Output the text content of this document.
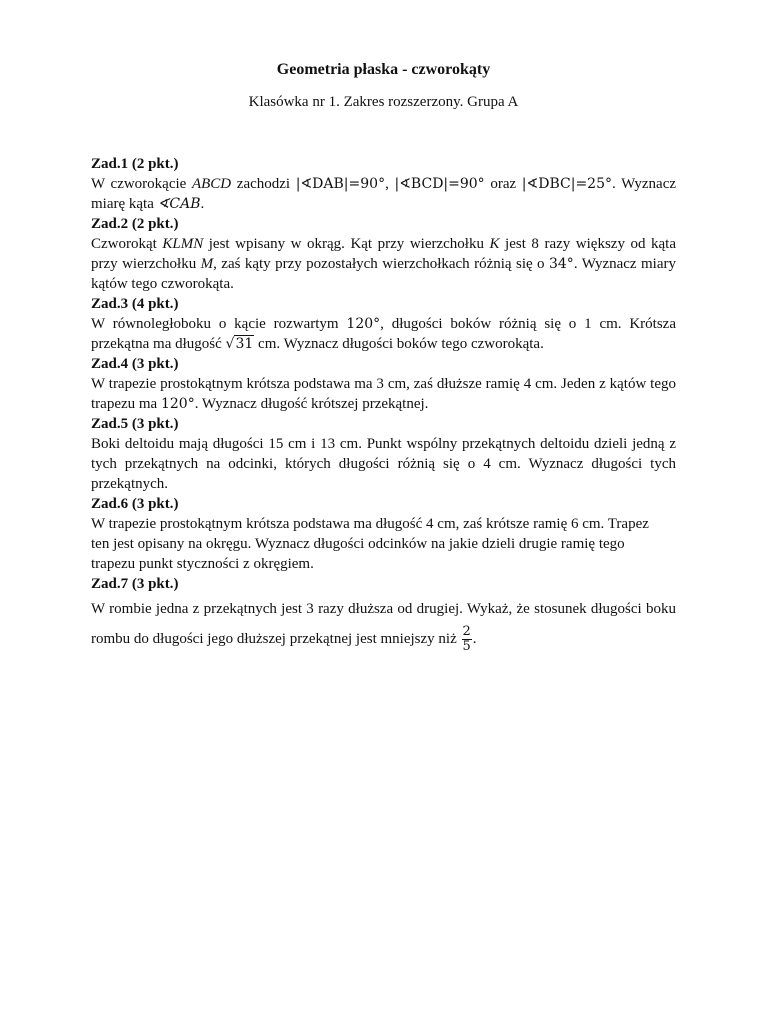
Geometria płaska - czworokąty
Klasówka nr 1. Zakres rozszerzony. Grupa A
Zad.1 (2 pkt.)
W czworokącie ABCD zachodzi |∢DAB|=90°, |∢BCD|=90° oraz |∢DBC|=25°. Wyznacz miarę kąta ∢CAB.
Zad.2 (2 pkt.)
Czworokąt KLMN jest wpisany w okrąg. Kąt przy wierzchołku K jest 8 razy większy od kąta przy wierzchołku M, zaś kąty przy pozostałych wierzchołkach różnią się o 34°. Wyznacz miary kątów tego czworokąta.
Zad.3 (4 pkt.)
W równoległoboku o kącie rozwartym 120°, długości boków różnią się o 1 cm. Krótsza przekątna ma długość √31 cm. Wyznacz długości boków tego czworokąta.
Zad.4 (3 pkt.)
W trapezie prostokątnym krótsza podstawa ma 3 cm, zaś dłuższe ramię 4 cm. Jeden z kątów tego trapezu ma 120°. Wyznacz długość krótszej przekątnej.
Zad.5 (3 pkt.)
Boki deltoidu mają długości 15 cm i 13 cm. Punkt wspólny przekątnych deltoidu dzieli jedną z tych przekątnych na odcinki, których długości różnią się o 4 cm. Wyznacz długości tych przekątnych.
Zad.6 (3 pkt.)
W trapezie prostokątnym krótsza podstawa ma długość 4 cm, zaś krótsze ramię 6 cm. Trapez
ten jest opisany na okręgu. Wyznacz długości odcinków na jakie dzieli drugie ramię tego
trapezu punkt styczności z okręgiem.
Zad.7 (3 pkt.)
W rombie jedna z przekątnych jest 3 razy dłuższa od drugiej. Wykaż, że stosunek długości boku rombu do długości jego dłuższej przekątnej jest mniejszy niż $\frac{2}{5}$ .
